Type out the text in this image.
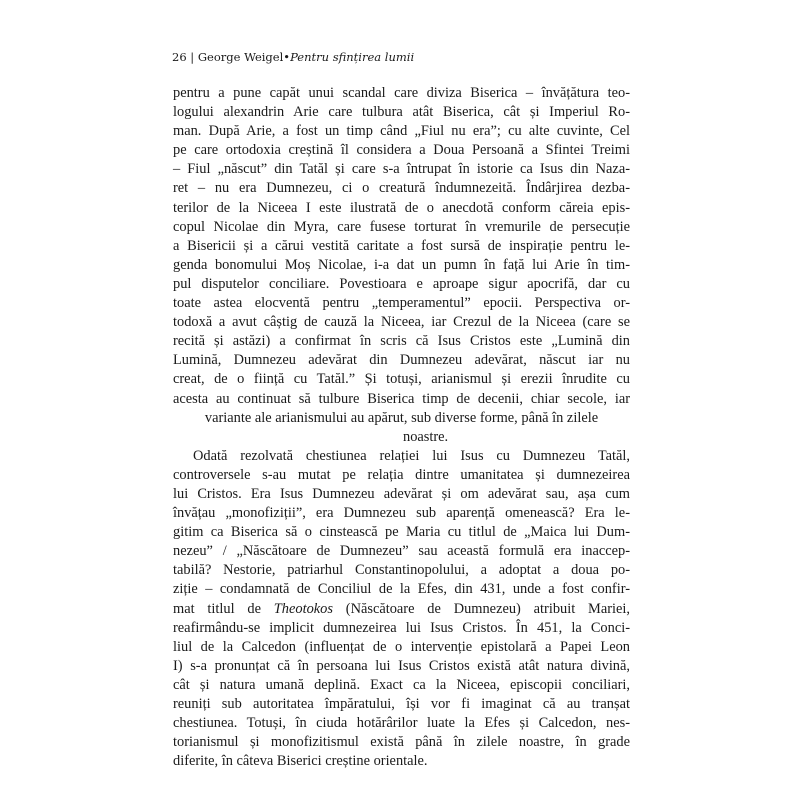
26 | George Weigel•Pentru sfințirea lumii
pentru a pune capăt unui scandal care diviza Biserica – învățătura teo-
logului alexandrin Arie care tulbura atât Biserica, cât și Imperiul Ro-
man. După Arie, a fost un timp când „Fiul nu era”; cu alte cuvinte, Cel
pe care ortodoxia creștină îl considera a Doua Persoană a Sfintei Treimi
– Fiul „născut” din Tatăl și care s-a întrupat în istorie ca Isus din Naza-
ret – nu era Dumnezeu, ci o creatură îndumnezeită. Îndârjirea dezba-
terilor de la Niceea I este ilustrată de o anecdotă conform căreia epis-
copul Nicolae din Myra, care fusese torturat în vremurile de persecuție
a Bisericii și a cărui vestită caritate a fost sursă de inspirație pentru le-
genda bonomului Moș Nicolae, i-a dat un pumn în față lui Arie în tim-
pul disputelor conciliare. Povestioara e aproape sigur apocrifă, dar cu
toate astea elocventă pentru „temperamentul” epocii. Perspectiva or-
todoxă a avut câștig de cauză la Niceea, iar Crezul de la Niceea (care se
recită și astăzi) a confirmat în scris că Isus Cristos este „Lumină din
Lumină, Dumnezeu adevărat din Dumnezeu adevărat, născut iar nu
creat, de o ființă cu Tatăl.” Și totuși, arianismul și erezii înrudite cu
acesta au continuat să tulbure Biserica timp de decenii, chiar secole, iar
variante ale arianismului au apărut, sub diverse forme, până în zilele
noastre.
Odată rezolvată chestiunea relației lui Isus cu Dumnezeu Tatăl,
controversele s-au mutat pe relația dintre umanitatea și dumnezeirea
lui Cristos. Era Isus Dumnezeu adevărat și om adevărat sau, așa cum
învățau „monofiziții”, era Dumnezeu sub aparență omenească? Era le-
gitim ca Biserica să o cinstească pe Maria cu titlul de „Maica lui Dum-
nezeu” / „Născătoare de Dumnezeu” sau această formulă era inaccep-
tabilă? Nestorie, patriarhul Constantinopolului, a adoptat a doua po-
ziție – condamnată de Conciliul de la Efes, din 431, unde a fost confir-
mat titlul de Theotokos (Născătoare de Dumnezeu) atribuit Mariei,
reafirmându-se implicit dumnezeirea lui Isus Cristos. În 451, la Conci-
liul de la Calcedon (influențat de o intervenție epistolară a Papei Leon
I) s-a pronunțat că în persoana lui Isus Cristos există atât natura divină,
cât și natura umană deplină. Exact ca la Niceea, episcopii conciliari,
reuniți sub autoritatea împăratului, își vor fi imaginat că au tranșat
chestiunea. Totuși, în ciuda hotărârilor luate la Efes și Calcedon, nes-
torianismul și monofizitismul există până în zilele noastre, în grade
diferite, în câteva Biserici creștine orientale.
